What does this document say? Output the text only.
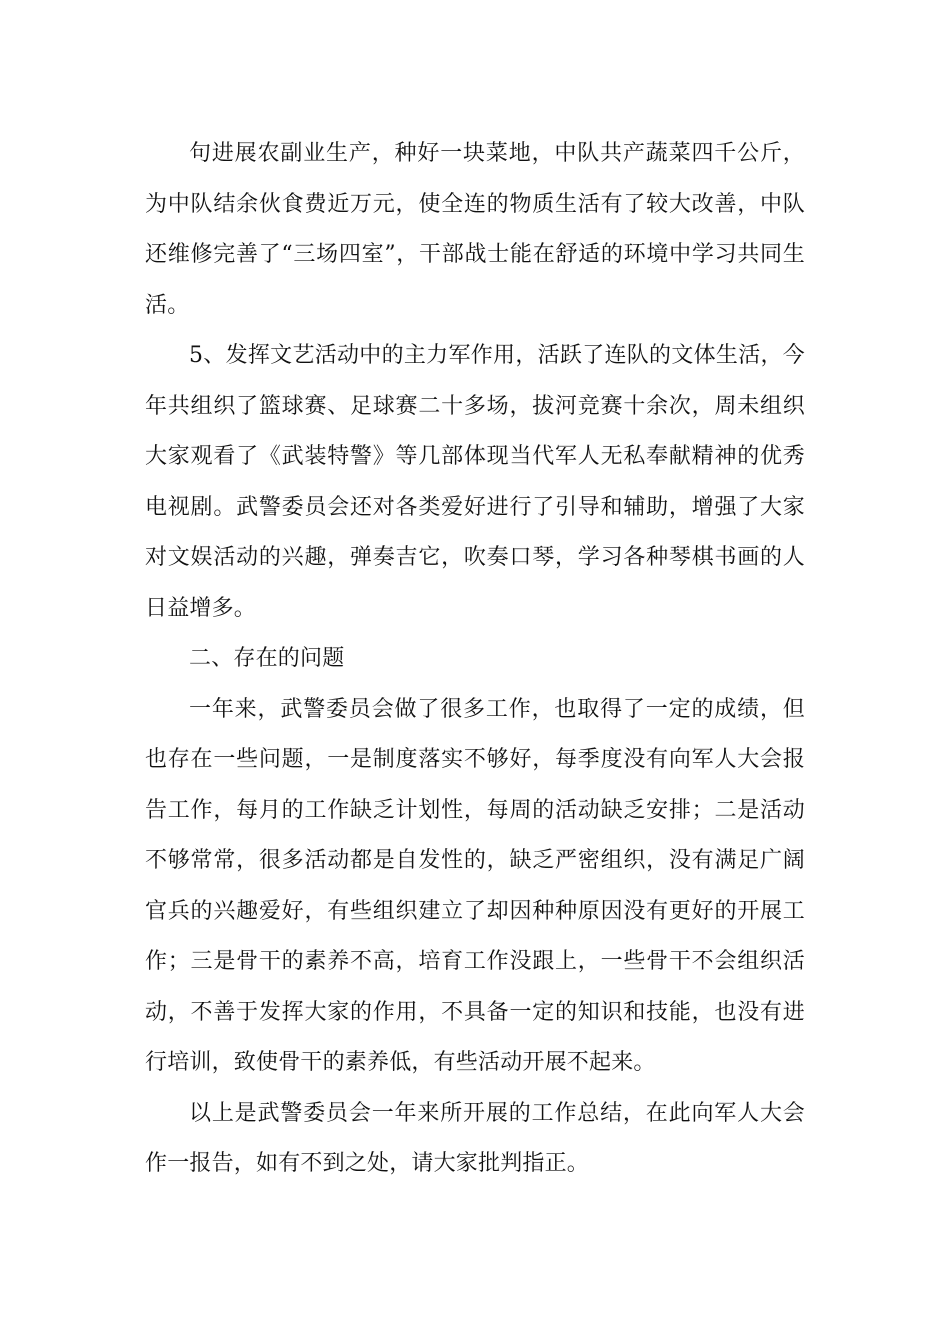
句进展农副业生产，种好一块菜地，中队共产蔬菜四千公斤，为中队结余伙食费近万元，使全连的物质生活有了较大改善，中队还维修完善了“三场四室”，干部战士能在舒适的环境中学习共同生活。

5、发挥文艺活动中的主力军作用，活跃了连队的文体生活，今年共组织了篮球赛、足球赛二十多场，拔河竞赛十余次，周未组织大家观看了《武装特警》等几部体现当代军人无私奉献精神的优秀电视剧。武警委员会还对各类爱好进行了引导和辅助，增强了大家对文娱活动的兴趣，弹奏吉它，吹奏口琴，学习各种琴棋书画的人日益增多。

二、存在的问题

一年来，武警委员会做了很多工作，也取得了一定的成绩，但也存在一些问题，一是制度落实不够好，每季度没有向军人大会报告工作，每月的工作缺乏计划性，每周的活动缺乏安排；二是活动不够常常，很多活动都是自发性的，缺乏严密组织，没有满足广阔官兵的兴趣爱好，有些组织建立了却因种种原因没有更好的开展工作；三是骨干的素养不高，培育工作没跟上，一些骨干不会组织活动，不善于发挥大家的作用，不具备一定的知识和技能，也没有进行培训，致使骨干的素养低，有些活动开展不起来。

以上是武警委员会一年来所开展的工作总结，在此向军人大会作一报告，如有不到之处，请大家批判指正。
